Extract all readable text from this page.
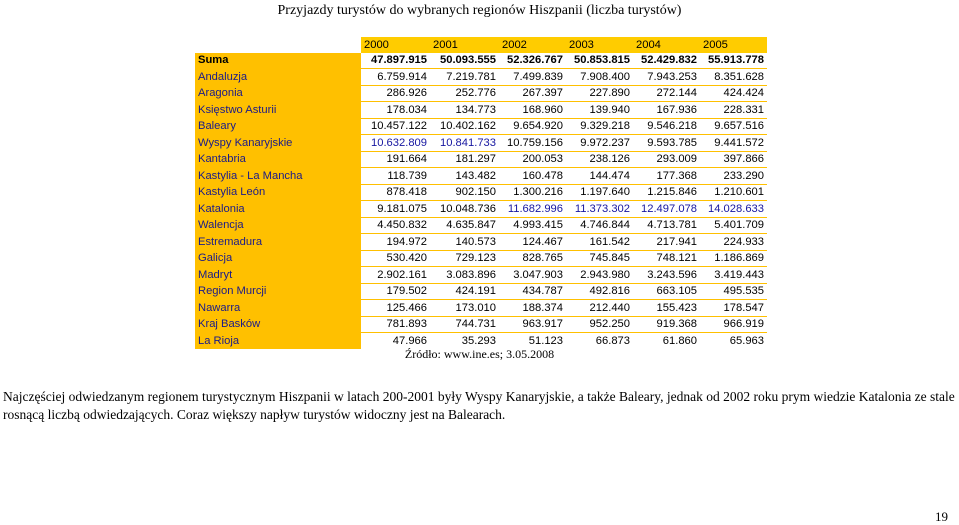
Przyjazdy turystów do wybranych regionów Hiszpanii (liczba turystów)
	2000	2001	2002	2003	2004	2005
Suma	47.897.915	50.093.555	52.326.767	50.853.815	52.429.832	55.913.778

Andaluzja	6.759.914	7.219.781	7.499.839	7.908.400	7.943.253	8.351.628

Aragonia	286.926	252.776	267.397	227.890	272.144	424.424

Księstwo Asturii	178.034	134.773	168.960	139.940	167.936	228.331

Baleary	10.457.122	10.402.162	9.654.920	9.329.218	9.546.218	9.657.516

Wyspy Kanaryjskie	10.632.809	10.841.733	10.759.156	9.972.237	9.593.785	9.441.572

Kantabria	191.664	181.297	200.053	238.126	293.009	397.866

Kastylia - La Mancha	118.739	143.482	160.478	144.474	177.368	233.290

Kastylia León	878.418	902.150	1.300.216	1.197.640	1.215.846	1.210.601

Katalonia	9.181.075	10.048.736	11.682.996	11.373.302	12.497.078	14.028.633

Walencja	4.450.832	4.635.847	4.993.415	4.746.844	4.713.781	5.401.709

Estremadura	194.972	140.573	124.467	161.542	217.941	224.933

Galicja	530.420	729.123	828.765	745.845	748.121	1.186.869

Madryt	2.902.161	3.083.896	3.047.903	2.943.980	3.243.596	3.419.443

Region Murcji	179.502	424.191	434.787	492.816	663.105	495.535

Nawarra	125.466	173.010	188.374	212.440	155.423	178.547

Kraj Basków	781.893	744.731	963.917	952.250	919.368	966.919

La Rioja	47.966	35.293	51.123	66.873	61.860	65.963
Źródło: www.ine.es; 3.05.2008
Najczęściej odwiedzanym regionem turystycznym Hiszpanii w latach 200-2001 były Wyspy Kanaryjskie, a także Baleary, jednak od 2002 roku prym wiedzie Katalonia ze stale rosnącą liczbą odwiedzających. Coraz większy napływ turystów widoczny jest na Balearach.
19
